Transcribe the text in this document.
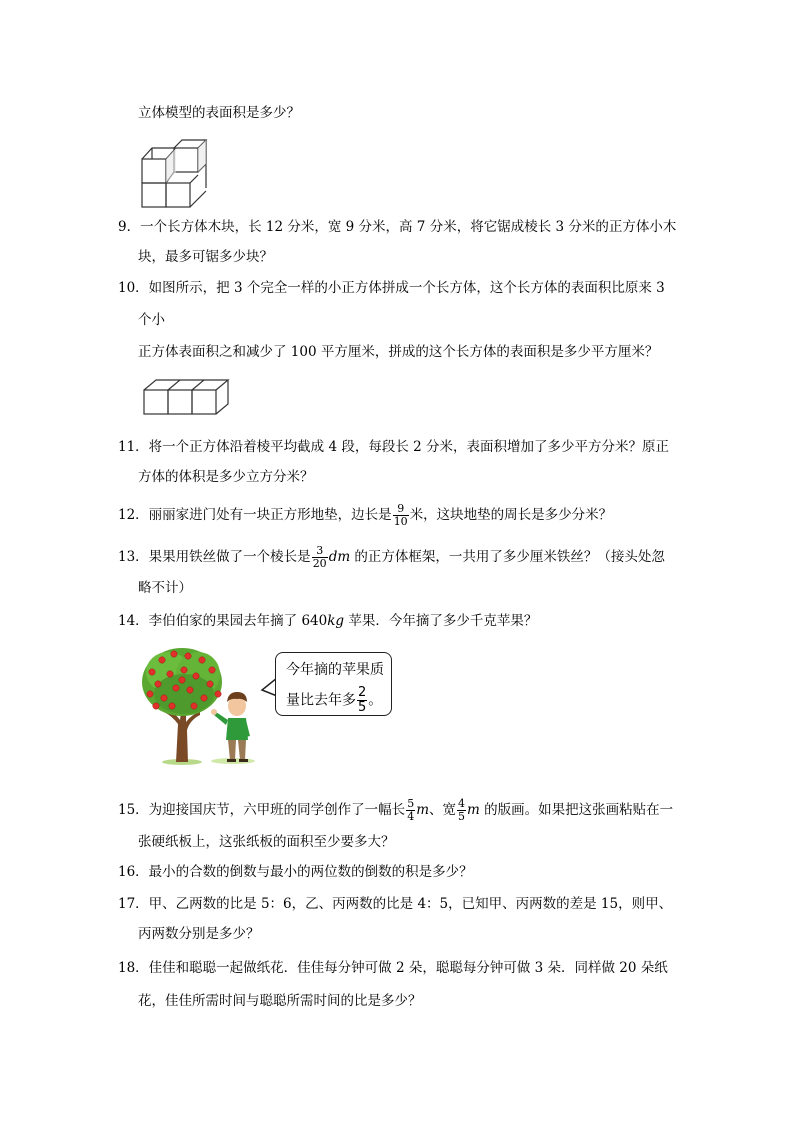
立体模型的表面积是多少？
9．一个长方体木块，长 12 分米，宽 9 分米，高 7 分米，将它锯成棱长 3 分米的正方体小木
块，最多可锯多少块？
10．如图所示，把 3 个完全一样的小正方体拼成一个长方体，这个长方体的表面积比原来 3
个小
正方体表面积之和减少了 100 平方厘米，拼成的这个长方体的表面积是多少平方厘米？
11．将一个正方体沿着棱平均截成 4 段，每段长 2 分米，表面积增加了多少平方分米？原正
方体的体积是多少立方分米？
12．丽丽家进门处有一块正方形地垫，边长是 $\frac{9}{10}$ 米，这块地垫的周长是多少分米？
13．果果用铁丝做了一个棱长是 $\frac{3}{20}$ dm 的正方体框架，一共用了多少厘米铁丝？（接头处忽
略不计）
14．李伯伯家的果园去年摘了 640kg 苹果．今年摘了多少千克苹果？
今年摘的苹果质
量比去年多 $\frac{2}{5}$ 。
15．为迎接国庆节，六甲班的同学创作了一幅长 $\frac{5}{4}$ m、宽 $\frac{4}{5}$ m 的版画。如果把这张画粘贴在一
张硬纸板上，这张纸板的面积至少要多大？
16．最小的合数的倒数与最小的两位数的倒数的积是多少？
17．甲、乙两数的比是 5：6，乙、丙两数的比是 4：5，已知甲、丙两数的差是 15，则甲、
丙两数分别是多少？
18．佳佳和聪聪一起做纸花．佳佳每分钟可做 2 朵，聪聪每分钟可做 3 朵．同样做 20 朵纸
花，佳佳所需时间与聪聪所需时间的比是多少？
